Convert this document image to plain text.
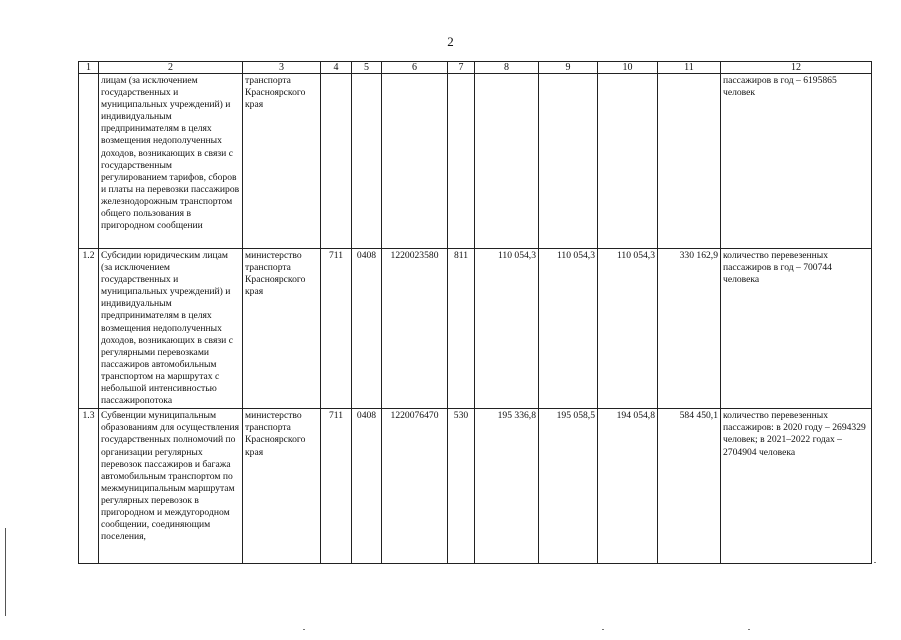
2
1	2	3	4	5	6	7	8	9	10	11	12
	лицам (за исключением государственных и муниципальных учреждений) и индивидуальным предпринимателям в целях возмещения недополученных доходов, возникающих в связи с государственным регулированием тарифов, сборов и платы на перевозки пассажиров железнодорожным транспортом общего пользования в пригородном сообщении	транспорта Красноярского края									пассажиров в год – 6195865 человек
1.2	Субсидии юридическим лицам (за исключением государственных и муниципальных учреждений) и индивидуальным предпринимателям в целях возмещения недополученных доходов, возникающих в связи с регулярными перевозками пассажиров автомобильным транспортом на маршрутах с небольшой интенсивностью пассажиропотока	министерство транспорта Красноярского края	711	0408	1220023580	811	110 054,3	110 054,3	110 054,3	330 162,9	количество перевезенных пассажиров в год – 700744 человека
1.3	Субвенции муниципальным образованиям для осуществления государственных полномочий по организации регулярных перевозок пассажиров и багажа автомобильным транспортом по межмуниципальным маршрутам регулярных перевозок в пригородном и междугородном сообщении, соединяющим поселения,	министерство транспорта Красноярского края	711	0408	1220076470	530	195 336,8	195 058,5	194 054,8	584 450,1	количество перевезенных пассажиров: в 2020 году – 2694329 человек; в 2021–2022 годах – 2704904 человека
